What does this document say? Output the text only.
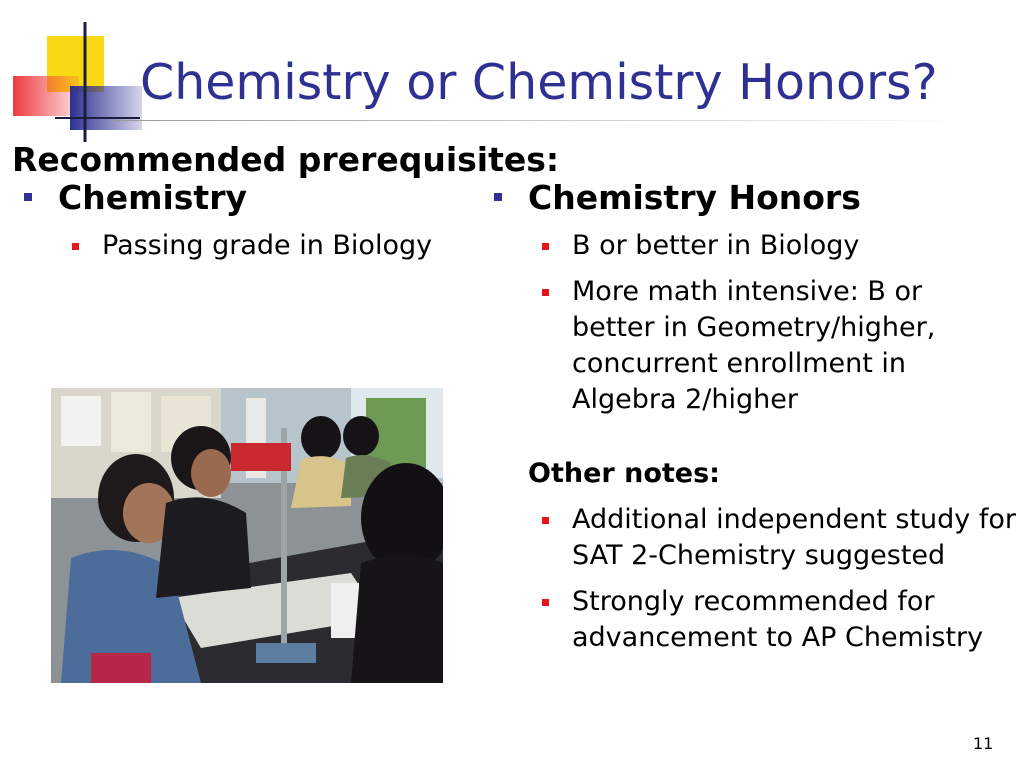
Chemistry or Chemistry Honors?
Recommended prerequisites:
Chemistry
Passing grade in Biology
Chemistry Honors
B or better in Biology
More math intensive: B or better in Geometry/higher, concurrent enrollment in Algebra 2/higher
Other notes:
Additional independent study for SAT 2-Chemistry suggested
Strongly recommended for advancement to AP Chemistry
11
